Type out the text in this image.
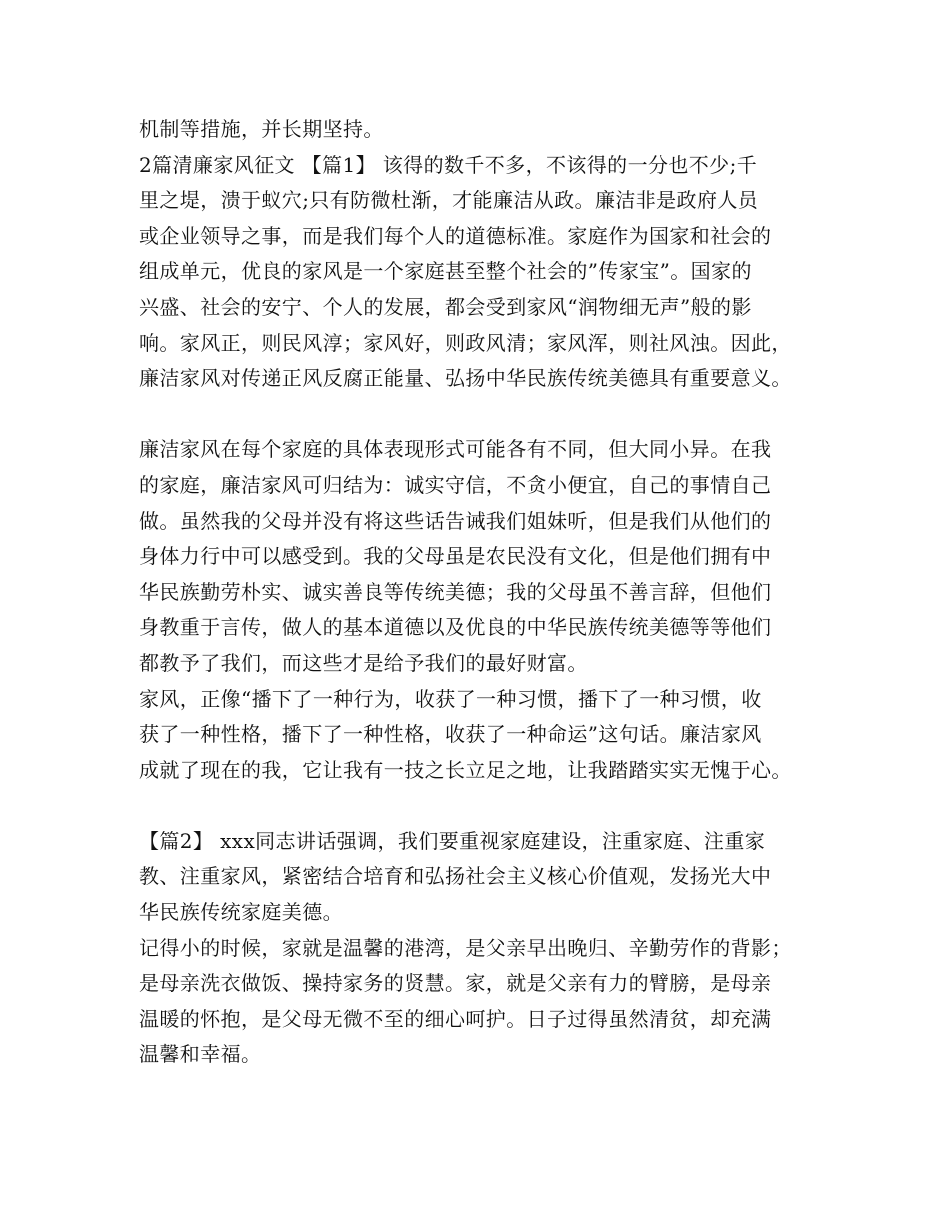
机制等措施，并长期坚持。
2篇清廉家风征文 【篇1】 该得的数千不多，不该得的一分也不少;千
里之堤，溃于蚁穴;只有防微杜渐，才能廉洁从政。廉洁非是政府人员
或企业领导之事，而是我们每个人的道德标准。家庭作为国家和社会的
组成单元，优良的家风是一个家庭甚至整个社会的”传家宝”。国家的
兴盛、社会的安宁、个人的发展，都会受到家风“润物细无声”般的影
响。家风正，则民风淳；家风好，则政风清；家风浑，则社风浊。因此，
廉洁家风对传递正风反腐正能量、弘扬中华民族传统美德具有重要意义。
廉洁家风在每个家庭的具体表现形式可能各有不同，但大同小异。在我
的家庭，廉洁家风可归结为：诚实守信，不贪小便宜，自己的事情自己
做。虽然我的父母并没有将这些话告诫我们姐妹听，但是我们从他们的
身体力行中可以感受到。我的父母虽是农民没有文化，但是他们拥有中
华民族勤劳朴实、诚实善良等传统美德；我的父母虽不善言辞，但他们
身教重于言传，做人的基本道德以及优良的中华民族传统美德等等他们
都教予了我们，而这些才是给予我们的最好财富。
家风，正像“播下了一种行为，收获了一种习惯，播下了一种习惯，收
获了一种性格，播下了一种性格，收获了一种命运”这句话。廉洁家风
成就了现在的我，它让我有一技之长立足之地，让我踏踏实实无愧于心。
【篇2】 xxx同志讲话强调，我们要重视家庭建设，注重家庭、注重家
教、注重家风，紧密结合培育和弘扬社会主义核心价值观，发扬光大中
华民族传统家庭美德。
记得小的时候，家就是温馨的港湾，是父亲早出晚归、辛勤劳作的背影；
是母亲洗衣做饭、操持家务的贤慧。家，就是父亲有力的臂膀，是母亲
温暖的怀抱，是父母无微不至的细心呵护。日子过得虽然清贫，却充满
温馨和幸福。
